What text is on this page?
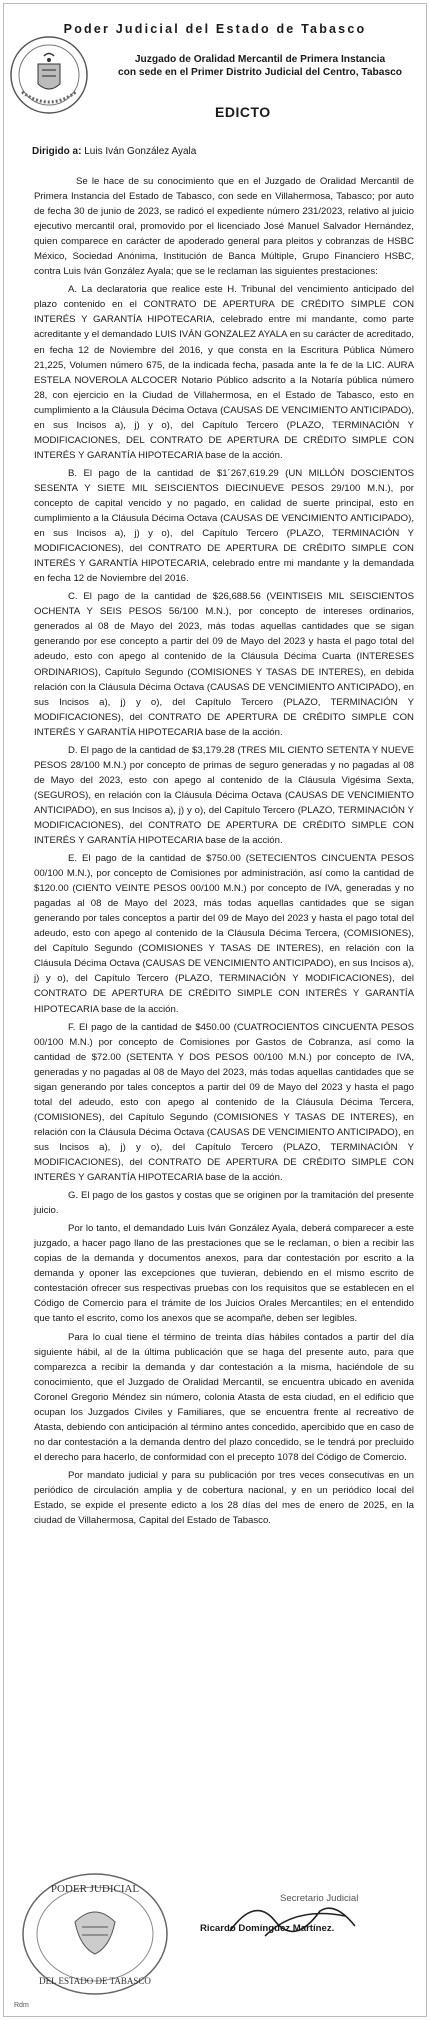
Poder Judicial del Estado de Tabasco
Juzgado de Oralidad Mercantil de Primera Instancia
con sede en el Primer Distrito Judicial del Centro, Tabasco
EDICTO
Dirigido a: Luis Iván González Ayala

Se le hace de su conocimiento que en el Juzgado de Oralidad Mercantil de Primera Instancia del Estado de Tabasco, con sede en Villahermosa, Tabasco; por auto de fecha 30 de junio de 2023, se radicó el expediente número 231/2023, relativo al juicio ejecutivo mercantil oral, promovido por el licenciado José Manuel Salvador Hernández, quien comparece en carácter de apoderado general para pleitos y cobranzas de HSBC México, Sociedad Anónima, Institución de Banca Múltiple, Grupo Financiero HSBC, contra Luis Iván González Ayala; que se le reclaman las siguientes prestaciones:

A. La declaratoria que realice este H. Tribunal del vencimiento anticipado del plazo contenido en el CONTRATO DE APERTURA DE CRÉDITO SIMPLE CON INTERÉS Y GARANTÍA HIPOTECARIA, celebrado entre mi mandante, como parte acreditante y el demandado LUIS IVÁN GONZALEZ AYALA en su carácter de acreditado, en fecha 12 de Noviembre del 2016, y que consta en la Escritura Pública Número 21,225, Volumen número 675, de la indicada fecha, pasada ante la fe de la LIC. AURA ESTELA NOVEROLA ALCOCER Notario Público adscrito a la Notaría pública número 28, con ejercicio en la Ciudad de Villahermosa, en el Estado de Tabasco, esto en cumplimiento a la Cláusula Décima Octava (CAUSAS DE VENCIMIENTO ANTICIPADO), en sus Incisos a), j) y o), del Capítulo Tercero (PLAZO, TERMINACIÓN Y MODIFICACIONES, DEL CONTRATO DE APERTURA DE CRÉDITO SIMPLE CON INTERÉS Y GARANTÍA HIPOTECARIA base de la acción.

B. El pago de la cantidad de $1´267,619.29 (UN MILLÓN DOSCIENTOS SESENTA Y SIETE MIL SEISCIENTOS DIECINUEVE PESOS 29/100 M.N.), por concepto de capital vencido y no pagado, en calidad de suerte principal, esto en cumplimiento a la Cláusula Décima Octava (CAUSAS DE VENCIMIENTO ANTICIPADO), en sus Incisos a), j) y o), del Capítulo Tercero (PLAZO, TERMINACIÓN Y MODIFICACIONES), del CONTRATO DE APERTURA DE CRÉDITO SIMPLE CON INTERÉS Y GARANTÍA HIPOTECARIA, celebrado entre mi mandante y la demandada en fecha 12 de Noviembre del 2016.

C. El pago de la cantidad de $26,688.56 (VEINTISEIS MIL SEISCIENTOS OCHENTA Y SEIS PESOS 56/100 M.N.), por concepto de intereses ordinarios, generados al 08 de Mayo del 2023, más todas aquellas cantidades que se sigan generando por ese concepto a partir del 09 de Mayo del 2023 y hasta el pago total del adeudo, esto con apego al contenido de la Cláusula Décima Cuarta (INTERESES ORDINARIOS), Capítulo Segundo (COMISIONES Y TASAS DE INTERES), en debida relación con la Cláusula Décima Octava (CAUSAS DE VENCIMIENTO ANTICIPADO), en sus Incisos a), j) y o), del Capítulo Tercero (PLAZO, TERMINACIÓN Y MODIFICACIONES), del CONTRATO DE APERTURA DE CRÉDITO SIMPLE CON INTERÉS Y GARANTÍA HIPOTECARIA base de la acción.

D. El pago de la cantidad de $3,179.28 (TRES MIL CIENTO SETENTA Y NUEVE PESOS 28/100 M.N.) por concepto de primas de seguro generadas y no pagadas al 08 de Mayo del 2023, esto con apego al contenido de la Cláusula Vigésima Sexta, (SEGUROS), en relación con la Cláusula Décima Octava (CAUSAS DE VENCIMIENTO ANTICIPADO), en sus Incisos a), j) y o), del Capítulo Tercero (PLAZO, TERMINACIÓN Y MODIFICACIONES), del CONTRATO DE APERTURA DE CRÉDITO SIMPLE CON INTERÉS Y GARANTÍA HIPOTECARIA base de la acción.

E. El pago de la cantidad de $750.00 (SETECIENTOS CINCUENTA PESOS 00/100 M.N.), por concepto de Comisiones por administración, así como la cantidad de $120.00 (CIENTO VEINTE PESOS 00/100 M.N.) por concepto de IVA, generadas y no pagadas al 08 de Mayo del 2023, más todas aquellas cantidades que se sigan generando por tales conceptos a partir del 09 de Mayo del 2023 y hasta el pago total del adeudo, esto con apego al contenido de la Cláusula Décima Tercera, (COMISIONES), del Capítulo Segundo (COMISIONES Y TASAS DE INTERES), en relación con la Cláusula Décima Octava (CAUSAS DE VENCIMIENTO ANTICIPADO), en sus Incisos a), j) y o), del Capítulo Tercero (PLAZO, TERMINACIÓN Y MODIFICACIONES), del CONTRATO DE APERTURA DE CRÉDITO SIMPLE CON INTERÉS Y GARANTÍA HIPOTECARIA base de la acción.

F. El pago de la cantidad de $450.00 (CUATROCIENTOS CINCUENTA PESOS 00/100 M.N.) por concepto de Comisiones por Gastos de Cobranza, así como la cantidad de $72.00 (SETENTA Y DOS PESOS 00/100 M.N.) por concepto de IVA, generadas y no pagadas al 08 de Mayo del 2023, más todas aquellas cantidades que se sigan generando por tales conceptos a partir del 09 de Mayo del 2023 y hasta el pago total del adeudo, esto con apego al contenido de la Cláusula Décima Tercera, (COMISIONES), del Capítulo Segundo (COMISIONES Y TASAS DE INTERES), en relación con la Cláusula Décima Octava (CAUSAS DE VENCIMIENTO ANTICIPADO), en sus Incisos a), j) y o), del Capítulo Tercero (PLAZO, TERMINACIÓN Y MODIFICACIONES), del CONTRATO DE APERTURA DE CRÉDITO SIMPLE CON INTERÉS Y GARANTÍA HIPOTECARIA base de la acción.

G. El pago de los gastos y costas que se originen por la tramitación del presente juicio.

Por lo tanto, el demandado Luis Iván González Ayala, deberá comparecer a este juzgado, a hacer pago llano de las prestaciones que se le reclaman, o bien a recibir las copias de la demanda y documentos anexos, para dar contestación por escrito a la demanda y oponer las excepciones que tuvieran, debiendo en el mismo escrito de contestación ofrecer sus respectivas pruebas con los requisitos que se establecen en el Código de Comercio para el trámite de los Juicios Orales Mercantiles; en el entendido que tanto el escrito, como los anexos que se acompañe, deben ser legibles.

Para lo cual tiene el término de treinta días hábiles contados a partir del día siguiente hábil, al de la última publicación que se haga del presente auto, para que comparezca a recibir la demanda y dar contestación a la misma, haciéndole de su conocimiento, que el Juzgado de Oralidad Mercantil, se encuentra ubicado en avenida Coronel Gregorio Méndez sin número, colonia Atasta de esta ciudad, en el edificio que ocupan los Juzgados Civiles y Familiares, que se encuentra frente al recreativo de Atasta, debiendo con anticipación al término antes concedido, apercibido que en caso de no dar contestación a la demanda dentro del plazo concedido, se le tendrá por precluido el derecho para hacerlo, de conformidad con el precepto 1078 del Código de Comercio.

Por mandato judicial y para su publicación por tres veces consecutivas en un periódico de circulación amplia y de cobertura nacional, y en un periódico local del Estado, se expide el presente edicto a los 28 días del mes de enero de 2025, en la ciudad de Villahermosa, Capital del Estado de Tabasco.

PODER JUDICIAL
DEL ESTADO DE TABASCO
Secretario Judicial
Ricardo Domínguez Martínez.
Rdm
